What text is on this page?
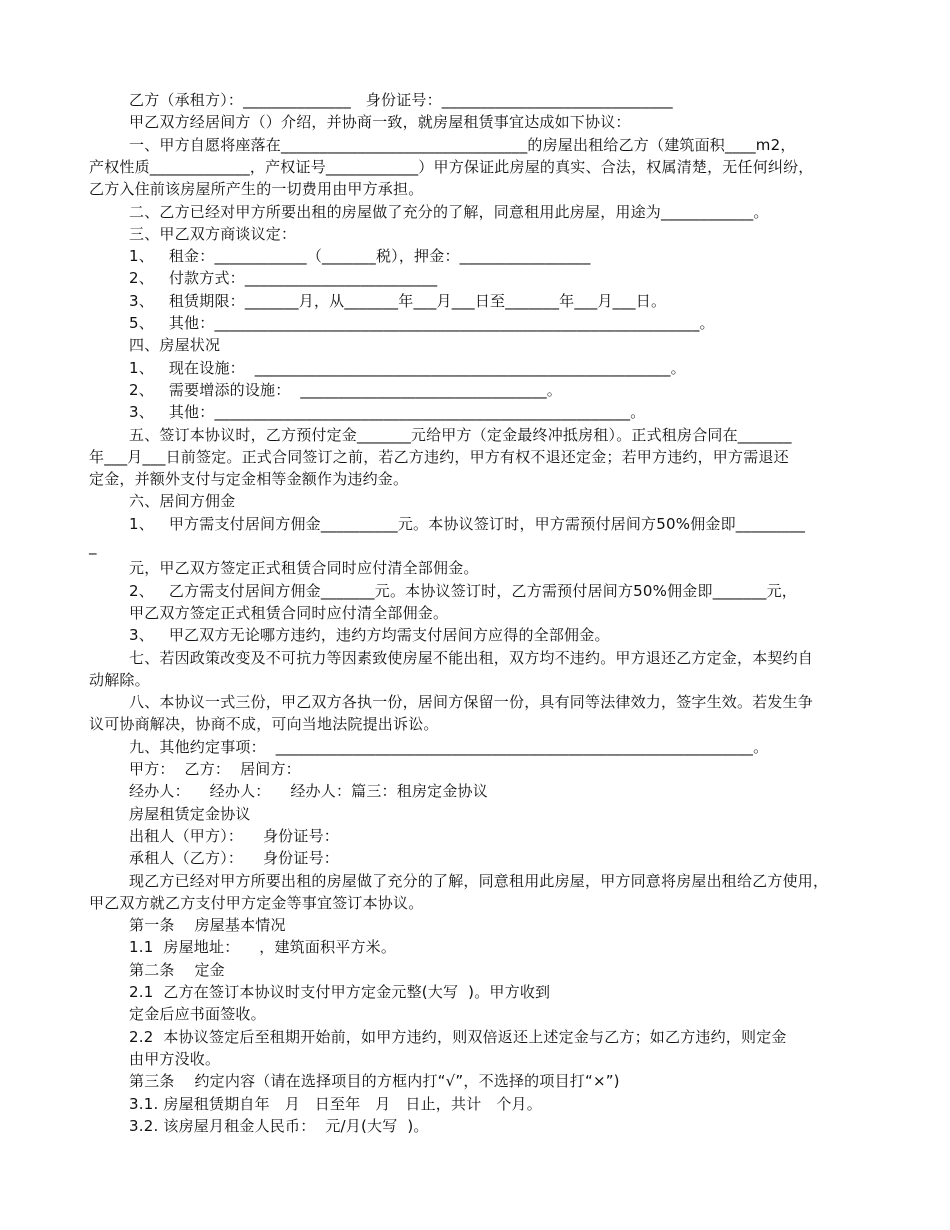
乙方（承租方）：______________   身份证号：______________________________
甲乙双方经居间方（）介绍，并协商一致，就房屋租赁事宜达成如下协议：
一、甲方自愿将座落在________________________________的房屋出租给乙方（建筑面积____m2，
产权性质_____________，产权证号____________）甲方保证此房屋的真实、合法，权属清楚，无任何纠纷，
乙方入住前该房屋所产生的一切费用由甲方承担。
二、乙方已经对甲方所要出租的房屋做了充分的了解，同意租用此房屋，用途为____________。
三、甲乙双方商谈议定：
1、   租金：____________（_______税），押金：_________________
2、   付款方式：_________________________
3、   租赁期限：_______月，从_______年___月___日至_______年___月___日。
5、   其他：_______________________________________________________________。
四、房屋状况
1、   现在设施：  ______________________________________________________。
2、   需要增添的设施：  ________________________________。
3、   其他：______________________________________________________。
五、签订本协议时，乙方预付定金_______元给甲方（定金最终冲抵房租）。正式租房合同在_______
年___月___日前签定。正式合同签订之前，若乙方违约，甲方有权不退还定金；若甲方违约，甲方需退还
定金，并额外支付与定金相等金额作为违约金。
六、居间方佣金
1、   甲方需支付居间方佣金__________元。本协议签订时，甲方需预付居间方50%佣金即_________
_
元，甲乙双方签定正式租赁合同时应付清全部佣金。
2、   乙方需支付居间方佣金_______元。本协议签订时，乙方需预付居间方50%佣金即_______元，
甲乙双方签定正式租赁合同时应付清全部佣金。
3、   甲乙双方无论哪方违约，违约方均需支付居间方应得的全部佣金。
七、若因政策改变及不可抗力等因素致使房屋不能出租，双方均不违约。甲方退还乙方定金，本契约自
动解除。
八、本协议一式三份，甲乙双方各执一份，居间方保留一份，具有同等法律效力，签字生效。若发生争
议可协商解决，协商不成，可向当地法院提出诉讼。
九、其他约定事项：  ______________________________________________________________。
甲方：  乙方：  居间方：
经办人：    经办人：    经办人：篇三：租房定金协议
房屋租赁定金协议
出租人（甲方）：    身份证号：
承租人（乙方）：    身份证号：
现乙方已经对甲方所要出租的房屋做了充分的了解，同意租用此房屋，甲方同意将房屋出租给乙方使用，
甲乙双方就乙方支付甲方定金等事宜签订本协议。
第一条    房屋基本情况
1.1  房屋地址：    ，建筑面积平方米。
第二条    定金
2.1  乙方在签订本协议时支付甲方定金元整(大写  )。甲方收到
定金后应书面签收。
2.2  本协议签定后至租期开始前，如甲方违约，则双倍返还上述定金与乙方；如乙方违约，则定金
由甲方没收。
第三条    约定内容（请在选择项目的方框内打“√”，不选择的项目打“×”)
3.1. 房屋租赁期自年   月   日至年   月   日止，共计   个月。
3.2. 该房屋月租金人民币：  元/月(大写  )。
